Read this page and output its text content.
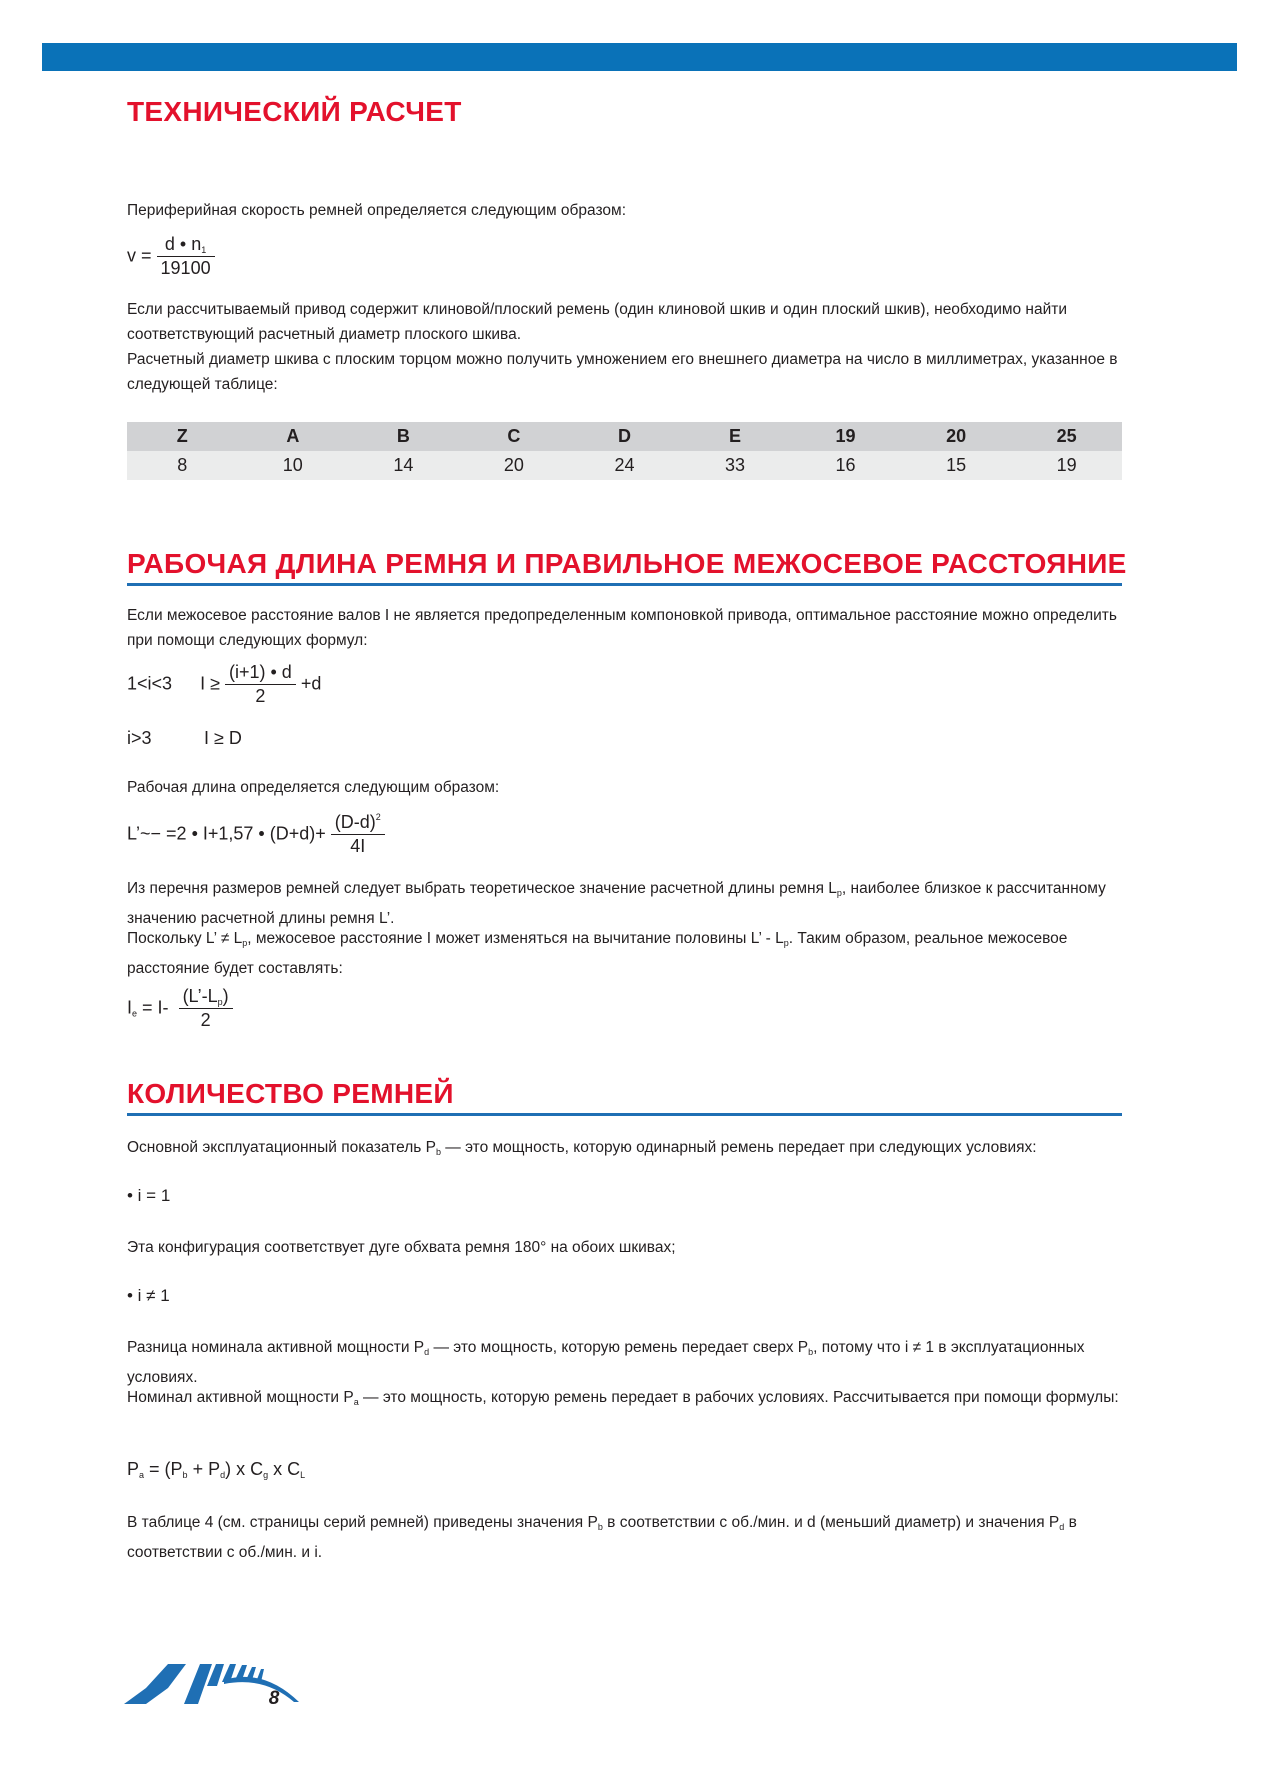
ТЕХНИЧЕСКИЙ РАСЧЕТ

Периферийная скорость ремней определяется следующим образом:

$v = \frac{d • n_1}{19100}$

Если рассчитываемый привод содержит клиновой/плоский ремень (один клиновой шкив и один плоский шкив), необходимо найти соответствующий расчетный диаметр плоского шкива.

Расчетный диаметр шкива с плоским торцом можно получить умножением его внешнего диаметра на число в миллиметрах, указанное в следующей таблице:

Z	A	B	C	D	E	19	20	25
8	10	14	20	24	33	16	15	19
РАБОЧАЯ ДЛИНА РЕМНЯ И ПРАВИЛЬНОЕ МЕЖОСЕВОЕ РАССТОЯНИЕ

Если межосевое расстояние валов I не является предопределенным компоновкой привода, оптимальное расстояние можно определить при помощи следующих формул:

1<i<3 $I \ge \frac{(i+1) • d}{2} +d$
i>3	I ≥ D

Рабочая длина определяется следующим образом:

L’~− =2 • I+1,57 • $(D+d)+ \frac{(D-d)^2}{4I}$

Из перечня размеров ремней следует выбрать теоретическое значение расчетной длины ремня $L_p$, наиболее близкое к рассчитанному значению расчетной длины ремня L’.

Поскольку L’ ≠ $L_p$, межосевое расстояние I может изменяться на вычитание половины L’ - $L_p$. Таким образом, реальное межосевое расстояние будет составлять:

$I_e = I- \frac{(L’-L_p)}{2}$
КОЛИЧЕСТВО РЕМНЕЙ

Основной эксплуатационный показатель $P_b$ — это мощность, которую одинарный ремень передает при следующих условиях:

• i = 1

Эта конфигурация соответствует дуге обхвата ремня 180° на обоих шкивах;

• i ≠ 1

Разница номинала активной мощности $P_d$ — это мощность, которую ремень передает сверх $P_b$, потому что i ≠ 1 в эксплуатационных условиях.

Номинал активной мощности $P_a$ — это мощность, которую ремень передает в рабочих условиях. Рассчитывается при помощи формулы:

$P_a = (P_b + P_d)$ x $C_g$ x $C_L$

В таблице 4 (см. страницы серий ремней) приведены значения $P_b$ в соответствии с об./мин. и d (меньший диаметр) и значения $P_d$ в соответствии с об./мин. и i.

8
